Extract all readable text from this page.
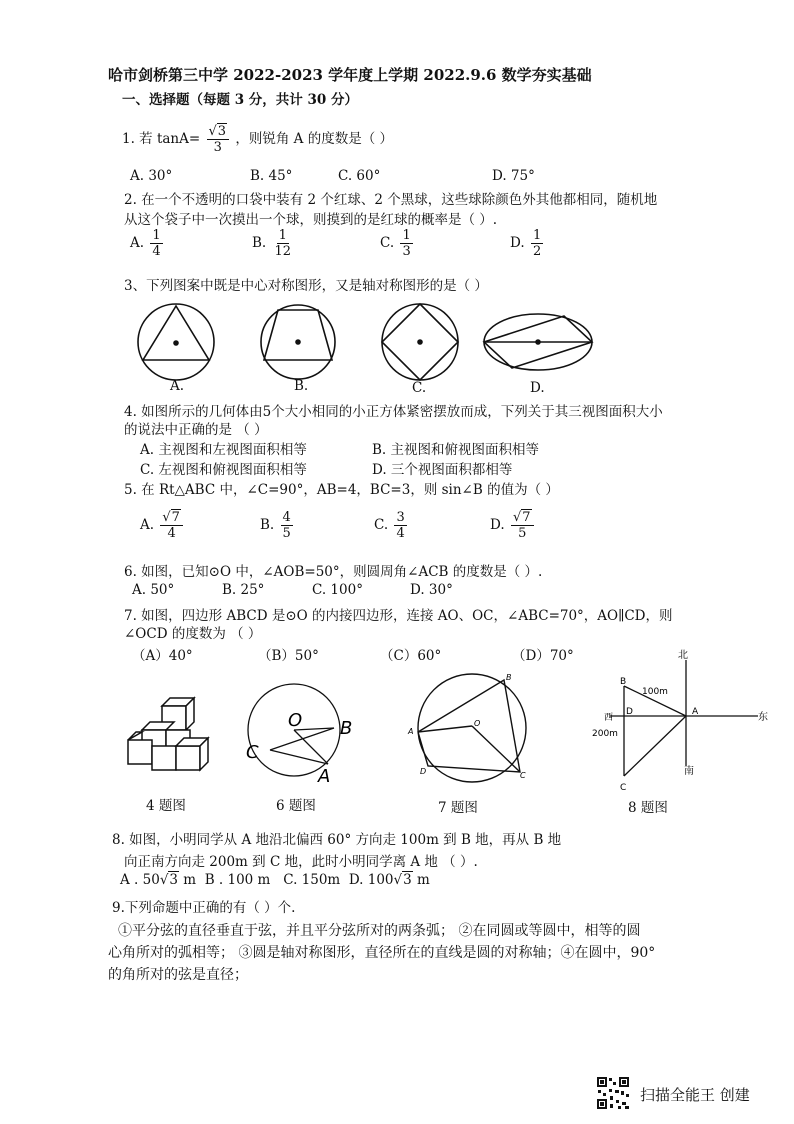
哈市剑桥第三中学 2022-2023 学年度上学期 2022.9.6 数学夯实基础
一、选择题（每题 3 分，共计 30 分）
1. 若 $\tan A= \frac{√3}{3}$ ，则锐角 A 的度数是（ ）
A. 30°	B. 45°	C. 60°	D. 75°
2. 在一个不透明的口袋中装有 2 个红球、2 个黑球，这些球除颜色外其他都相同，随机地
从这个袋子中一次摸出一个球，则摸到的是红球的概率是（ ）.
A. $\frac{1}{4}$	B. $\frac{1}{12}$	C. $\frac{1}{3}$	D. $\frac{1}{2}$
3、下列图案中既是中心对称图形，又是轴对称图形的是（ ）
A.	B.	C.	D.
4. 如图所示的几何体由5个大小相同的小正方体紧密摆放而成，下列关于其三视图面积大小
的说法中正确的是 （ ）
A. 主视图和左视图面积相等	B. 主视图和俯视图面积相等
C. 左视图和俯视图面积相等	D. 三个视图面积都相等
5. 在 Rt△ABC 中，∠C=90°，AB=4，BC=3，则 sin∠B 的值为（ ）
A. $\frac{√7}{4}$	B. $\frac{4}{5}$	C. $\frac{3}{4}$	D. $\frac{√7}{5}$
6. 如图，已知⊙O 中，∠AOB=50°，则圆周角∠ACB 的度数是（ ）.
A. 50°	B. 25°	C. 100°	D. 30°
7. 如图，四边形 ABCD 是⊙O 的内接四边形，连接 AO、OC，∠ABC=70°，AO∥CD，则
∠OCD 的度数为 （ ）
（A）40°	（B）50°	（C）60°	（D）70°
4 题图
O B
C
A
6 题图
O
B
A
D	C
7 题图
北
B
100m
西
D	A	东
200m
南
C
8 题图
8. 如图，小明同学从 A 地沿北偏西 60° 方向走 100m 到 B 地，再从 B 地
向正南方向走 200m 到 C 地，此时小明同学离 A 地 （ ）.
A . 50√3 m B . 100 m C. 150m D. 100√3 m
9.下列命题中正确的有（ ）个.
①平分弦的直径垂直于弦，并且平分弦所对的两条弧； ②在同圆或等圆中，相等的圆
心角所对的弧相等； ③圆是轴对称图形，直径所在的直线是圆的对称轴；④在圆中，90°
的角所对的弦是直径；
扫描全能王 创建
